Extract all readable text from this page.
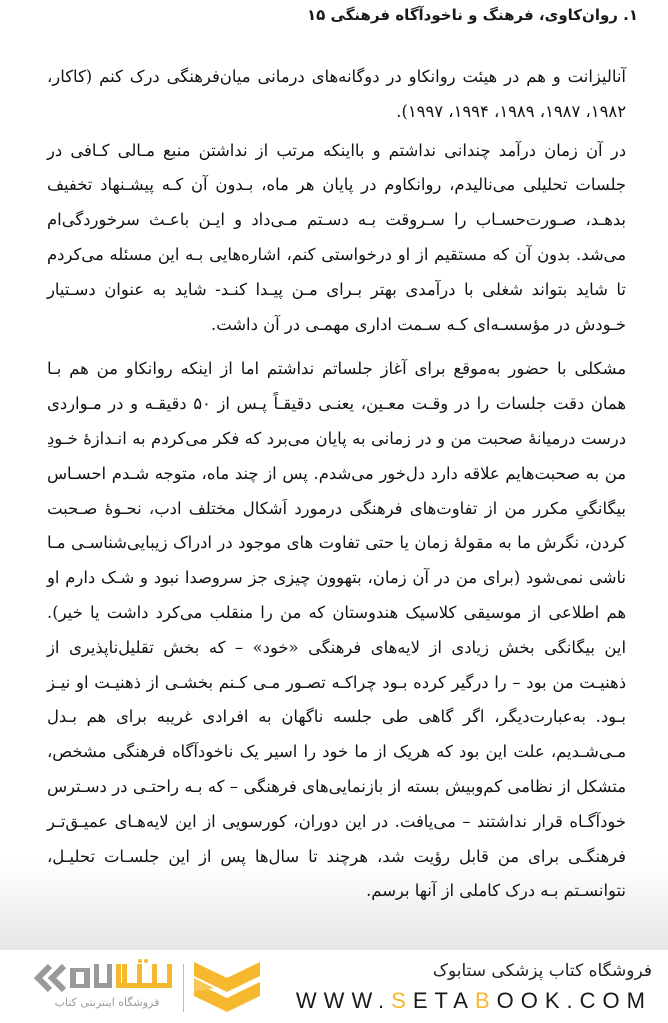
۱. روان‌کاوی، فرهنگ و ناخودآگاه فرهنگی ۱۵

آنالیزانت و هم در هیئت روانکاو در دوگانه‌های درمانی میان‌فرهنگی درک کنم (کاکار، ۱۹۸۲، ۱۹۸۷، ۱۹۸۹، ۱۹۹۴، ۱۹۹۷).

در آن زمان درآمد چندانی نداشتم و بااینکه مرتب از نداشتن منبع مـالی کـافی در جلسات تحلیلی می‌نالیدم، روانکاوم در پایان هر ماه، بـدون آن کـه پیشـنهاد تخفیف بدهـد، صـورت‌حسـاب را سـروقت بـه دسـتم مـی‌داد و ایـن باعـث سرخوردگی‌ام می‌شد. بدون آن که مستقیم از او درخواستی کنم، اشاره‌هایی بـه این مسئله می‌کردم تا شاید بتواند شغلی با درآمدی بهتر بـرای مـن پیـدا کنـد- شاید به عنوان دسـتیار خـودش در مؤسسـه‌ای کـه سـمت اداری مهمـی در آن داشت.

مشکلی با حضور به‌موقع برای آغاز جلساتم نداشتم اما از اینکه روانکاو من هم بـا همان دقت جلسات را در وقـت معـین، یعنـی دقیقـاً پـس از ۵۰ دقیقـه و در مـواردی درست درمیانهٔ صحبت من و در زمانی به پایان می‌برد که فکر می‌کردم به انـدازهٔ خـودِ من به صحبت‌هایم علاقه دارد دل‌خور می‌شدم. پس از چند ماه، متوجه شـدم احسـاس بیگانگیِ مکرر من از تفاوت‌های فرهنگی درمورد اَشکال مختلف ادب، نحـوهٔ صـحبت کردن، نگرش ما به مقولهٔ زمان یا حتی تفاوت های موجود در ادراک زیبایی‌شناسـی مـا ناشی نمی‌شود (برای من در آن زمان، بتهوون چیزی جز سروصدا نبود و شـک دارم او هم اطلاعی از موسیقی کلاسیک هندوستان که من را منقلب می‌کرد داشت یا خیر). این بیگانگی بخش زیادی از لایه‌های فرهنگی «خود» – که بخش تقلیل‌ناپذیری از ذهنیـت من بود – را درگیر کرده بـود چراکـه تصـور مـی کـنم بخشـی از ذهنیـت او نیـز بـود. به‌عبارت‌دیگر، اگر گاهی طی جلسه ناگهان به افرادی غریبه برای هم بـدل مـی‌شـدیم، علت این بود که هریک از ما خود را اسیر یک ناخودآگاه فرهنگی مشخص، متشکل از نظامی کم‌وبیش بسته از بازنمایی‌های فرهنگی – که بـه راحتـی در دسـترس خودآگـاه قرار نداشتند – می‌یافت. در این دوران، کورسویی از این لایه‌هـای عمیـق‌تـر فرهنگـی برای من قابل رؤیت شد، هرچند تا سال‌ها پس از این جلسـات تحلیـل، نتوانسـتم بـه درک کاملی از آنها برسم.

فروشگاه اینترنتی کتاب
فروشگاه کتاب پزشکی ستابوک
WWW.SETABOOK.COM
